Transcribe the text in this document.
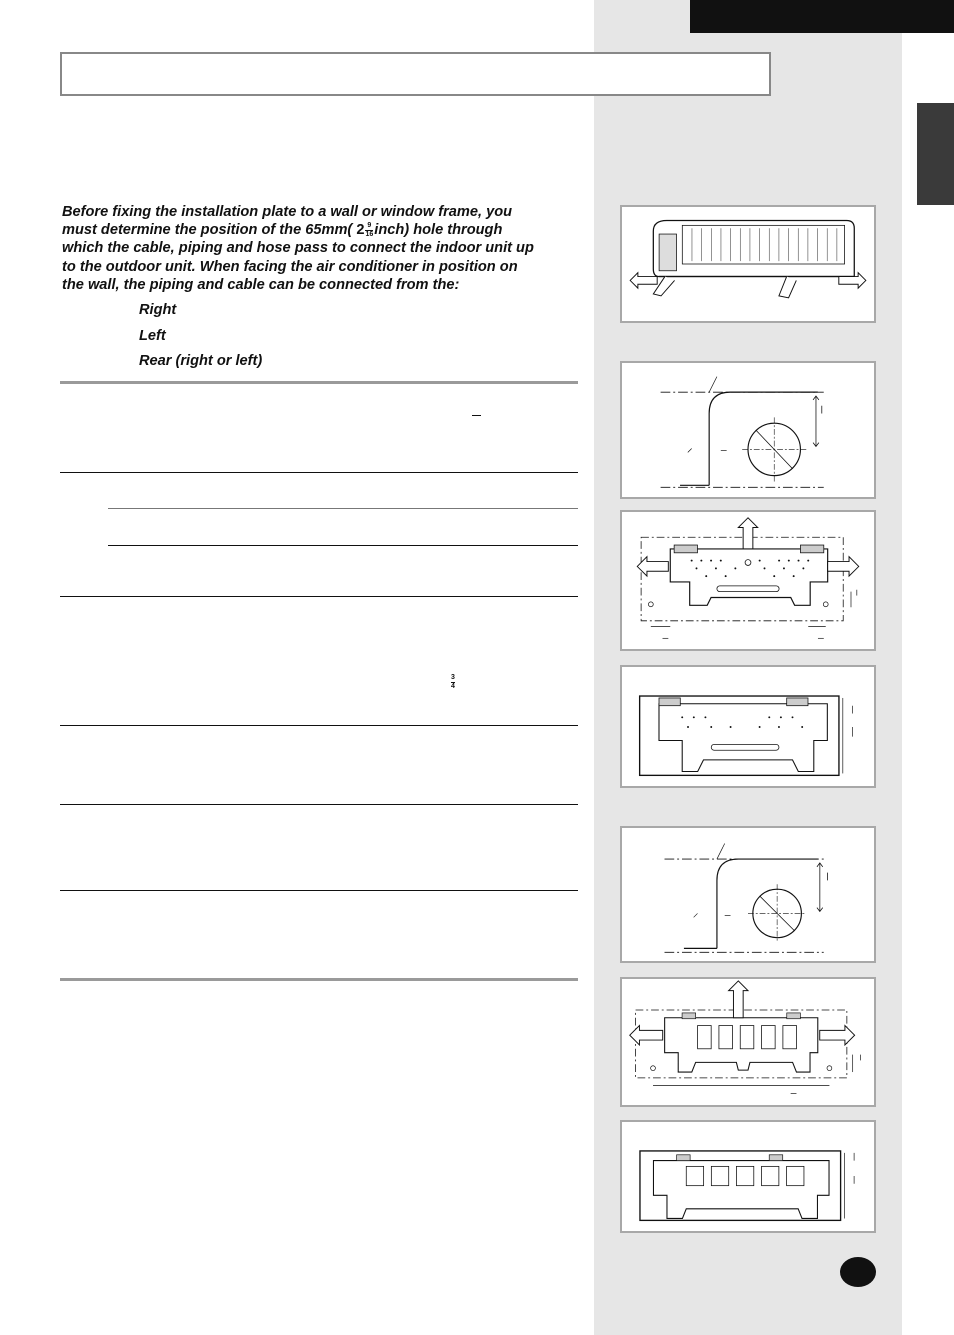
Before fixing the installation plate to a wall or window frame, you
must determine the position of the 65mm( $2 \frac{9}{16}$ inch) hole through
which the cable, piping and hose pass to connect the indoor unit up
to the outdoor unit. When facing the air conditioner in position on
the wall, the piping and cable can be connected from the:
Right
Left
Rear (right or left)
$\frac{3}{4}$
